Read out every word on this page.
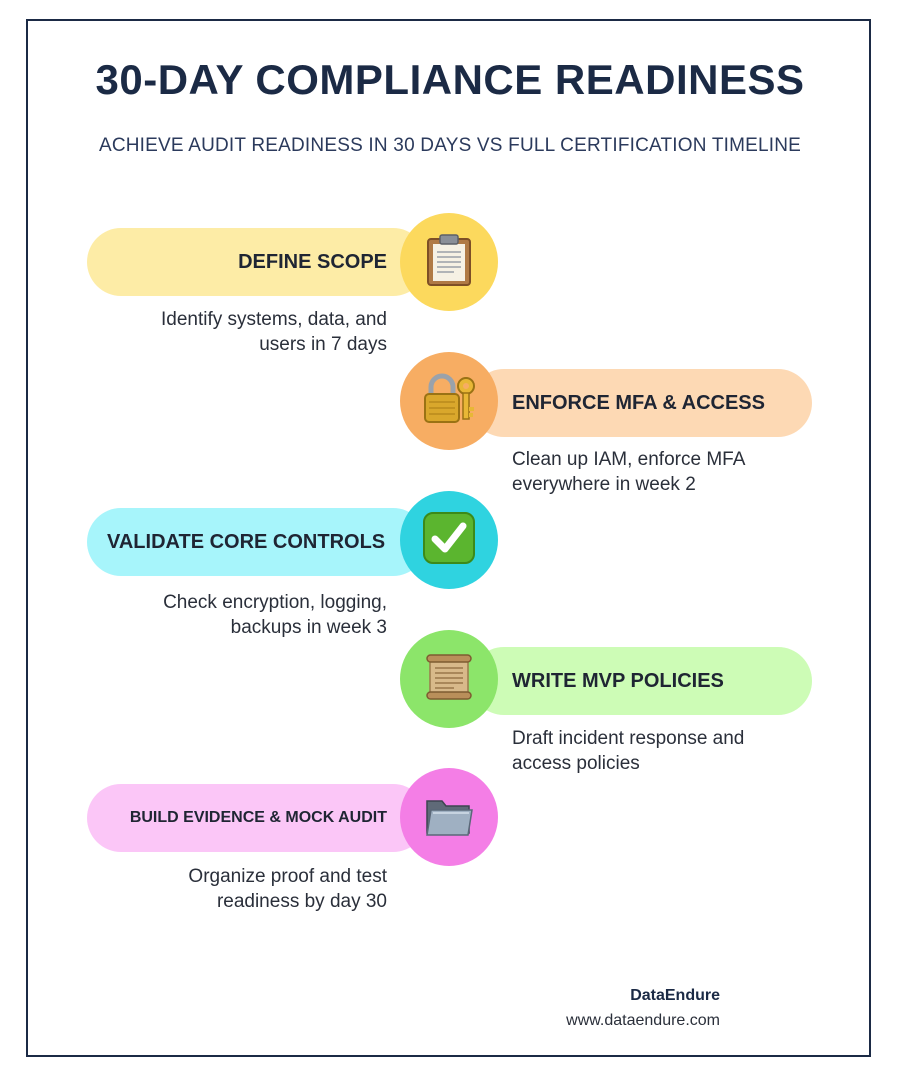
30-DAY COMPLIANCE READINESS
ACHIEVE AUDIT READINESS IN 30 DAYS VS FULL CERTIFICATION TIMELINE
DEFINE SCOPE
Identify systems, data, and
users in 7 days
ENFORCE MFA & ACCESS
Clean up IAM, enforce MFA
everywhere in week 2
VALIDATE CORE CONTROLS
Check encryption, logging,
backups in week 3
WRITE MVP POLICIES
Draft incident response and
access policies
BUILD EVIDENCE & MOCK AUDIT
Organize proof and test
readiness by day 30
DataEndure
www.dataendure.com
